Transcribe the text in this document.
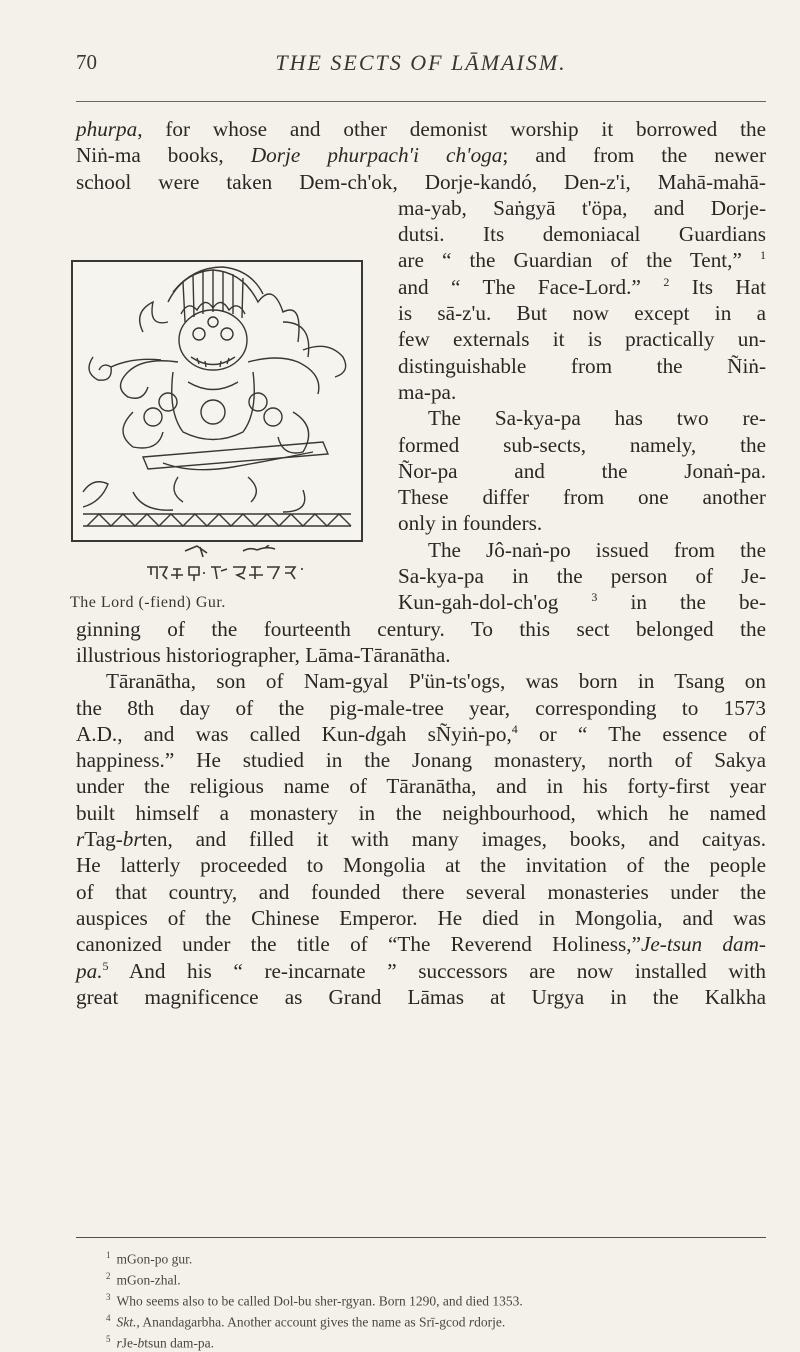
70	THE SECTS OF LĀMAISM.
phurpa, for whose and other demonist worship it borrowed the
Niṅ-ma books, Dorje phurpach'i ch'oga; and from the newer
school were taken Dem-ch'ok, Dorje-kandó, Den-z'i, Mahā-mahā-
ma-yab, Saṅgyā t'öpa, and Dorje-
dutsi. Its demoniacal Guardians
are “ the Guardian of the Tent,” $^1$
and “ The Face-Lord.” $^2$ Its Hat
is sā-z'u. But now except in a
few externals it is practically un-
distinguishable from the Ñiṅ-
ma-pa.
The Sa-kya-pa has two re-
formed sub-sects, namely, the
Ñor-pa and the Jonaṅ-pa.
These differ from one another
only in founders.
The Jô-naṅ-po issued from the
Sa-kya-pa in the person of Je-
Kun-gah-dol-ch'og $^3$ in the be-
ginning of the fourteenth century. To this sect belonged the
illustrious historiographer, Lāma-Tāranātha.
Tāranātha, son of Nam-gyal P'ün-ts'ogs, was born in Tsang on
the 8th day of the pig-male-tree year, corresponding to 1573
A.D., and was called Kun-dgah sÑyiṅ-po,$^4$ or “ The essence of
happiness.” He studied in the Jonang monastery, north of Sakya
under the religious name of Tāranātha, and in his forty-first year
built himself a monastery in the neighbourhood, which he named
rTag-brten, and filled it with many images, books, and caityas.
He latterly proceeded to Mongolia at the invitation of the people
of that country, and founded there several monasteries under the
auspices of the Chinese Emperor. He died in Mongolia, and was
canonized under the title of “The Reverend Holiness,”Je-tsun dam-
pa.$^5$ And his “ re-incarnate ” successors are now installed with
great magnificence as Grand Lāmas at Urgya in the Kalkha
The Lord (-fiend) Gur.
$^1$ mGon-po gur.
$^2$ mGon-zhal.
$^3$ Who seems also to be called Dol-bu sher-rgyan. Born 1290, and died 1353.
$^4$ Skt., Anandagarbha. Another account gives the name as Srī-gcod rdorje.
$^5$ rJe-btsun dam-pa.
